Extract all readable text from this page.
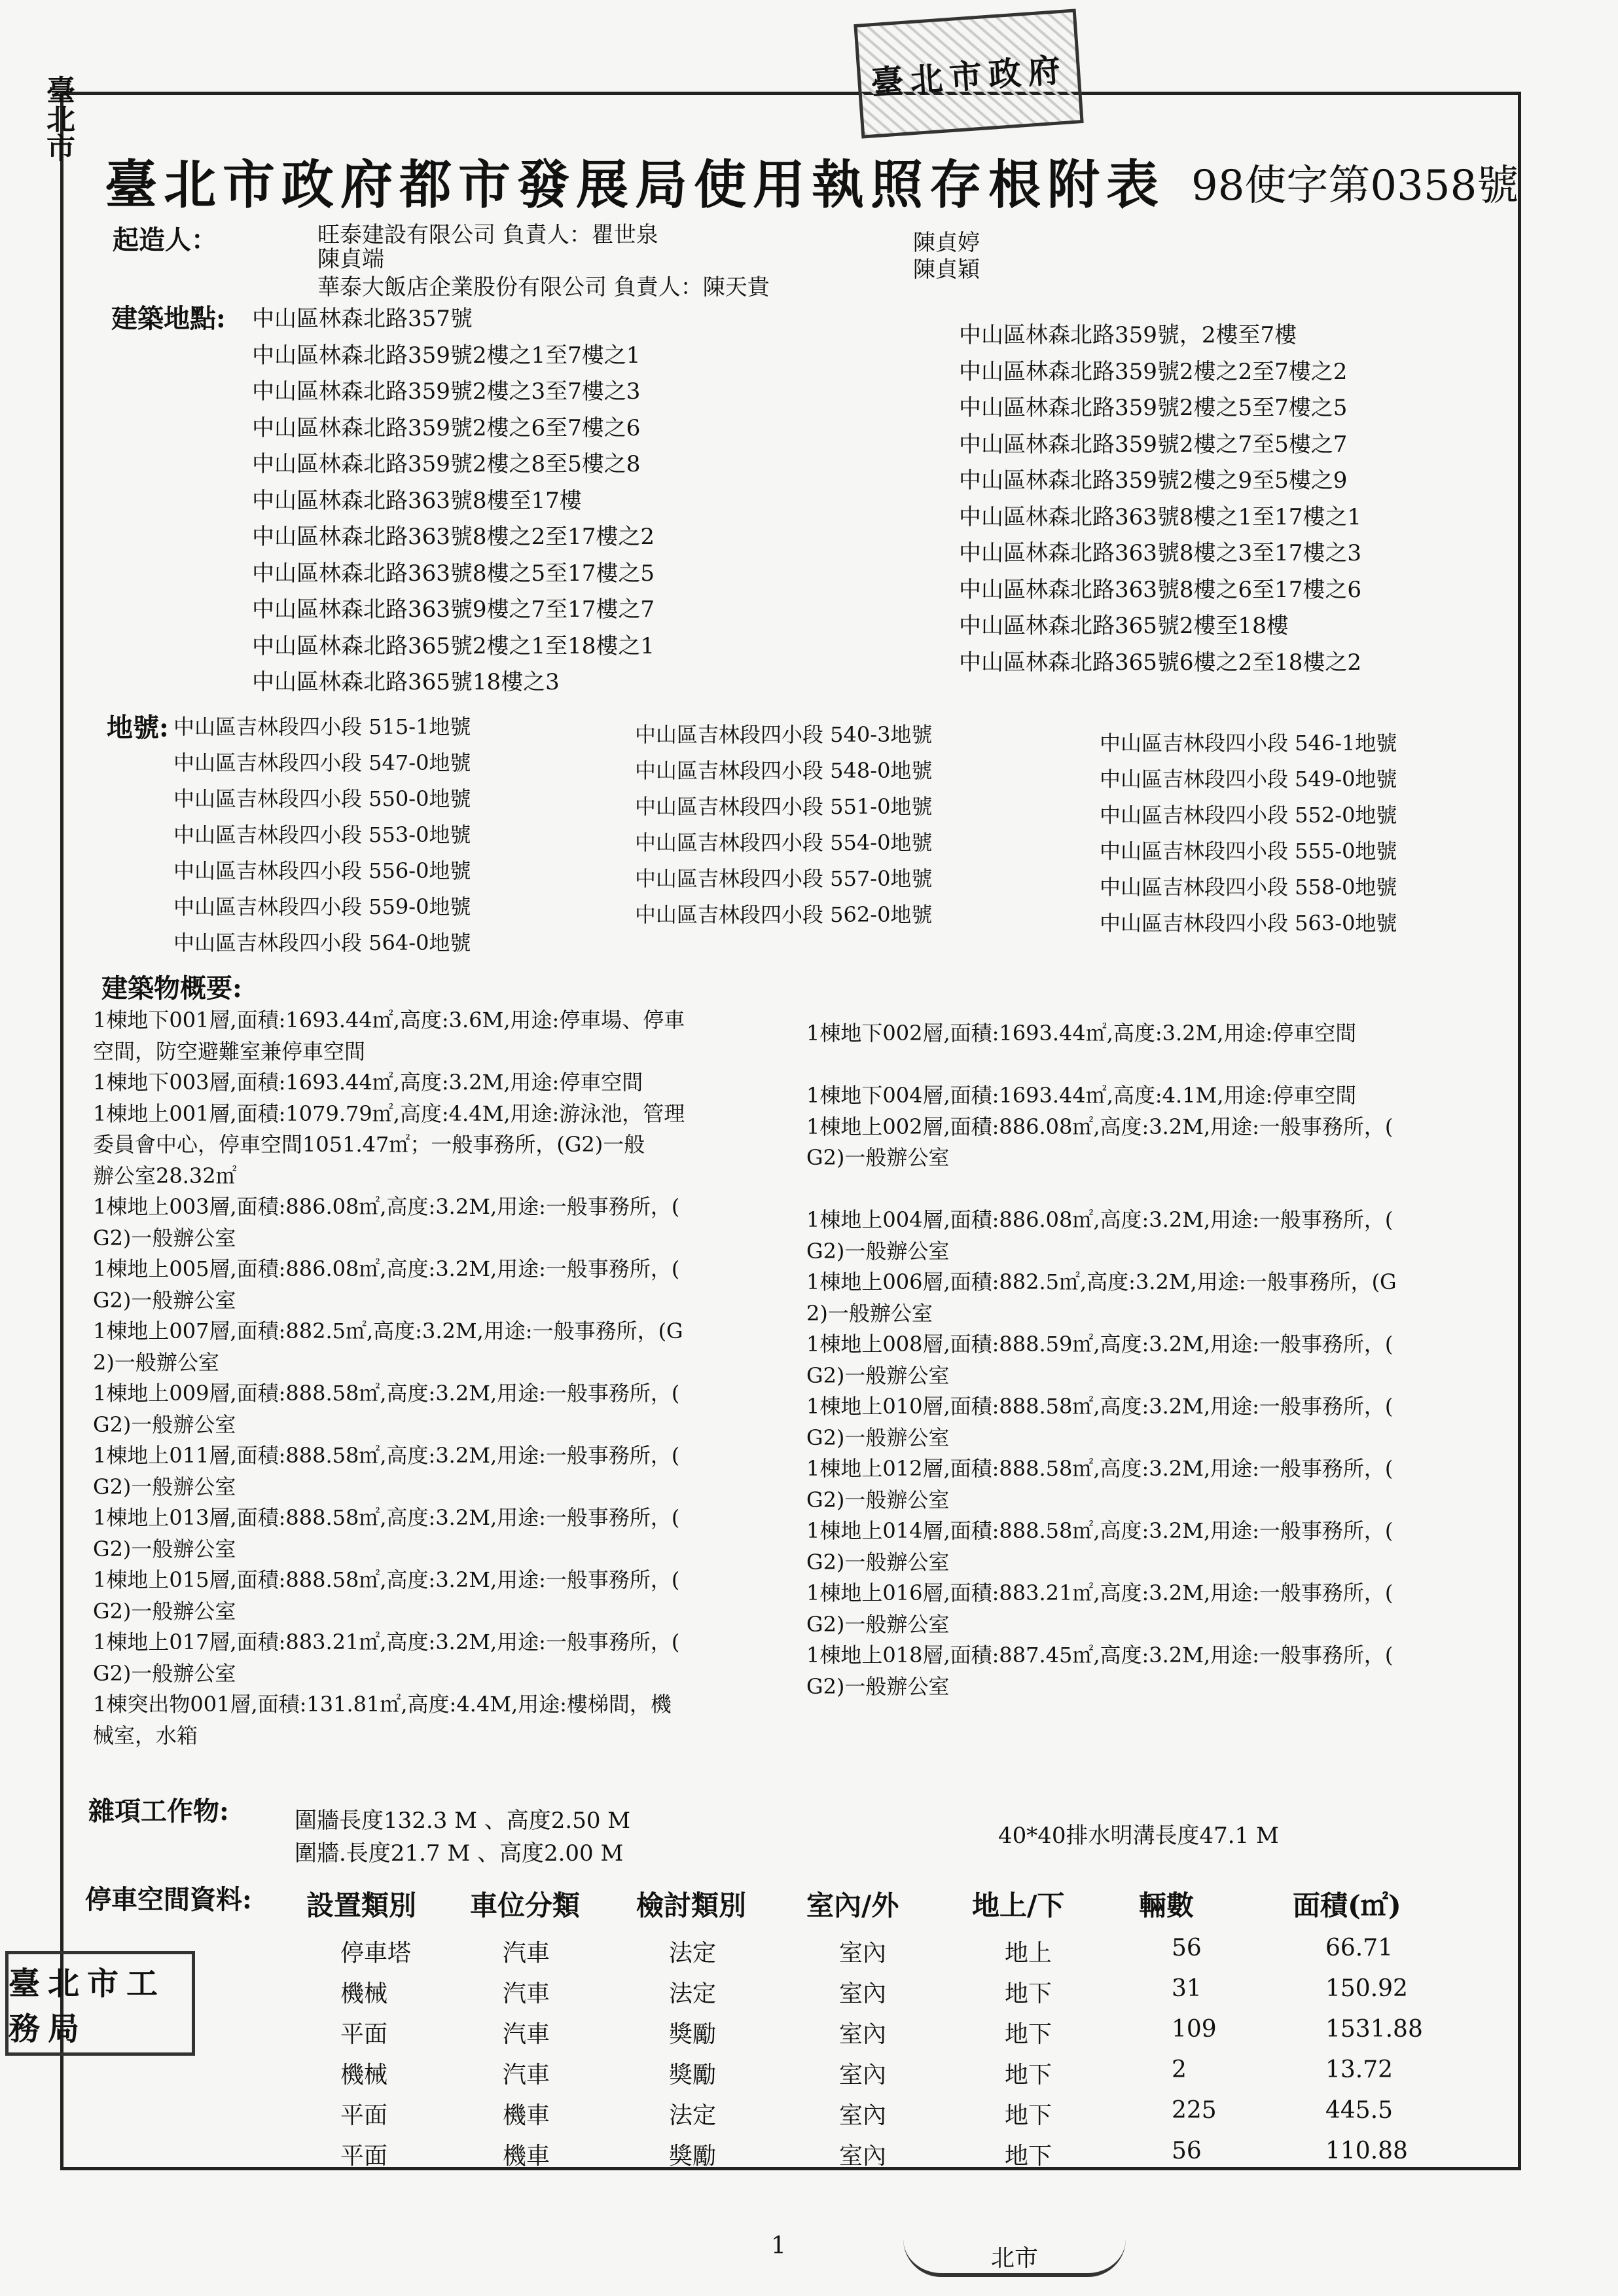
臺北市政府
臺北市
臺北市工務局
北市
臺北市政府都市發展局使用執照存根附表 98使字第0358號
起造人：	旺泰建設有限公司 負責人：瞿世泉
陳貞端
華泰大飯店企業股份有限公司 負責人：陳天貴
陳貞婷
陳貞穎
建築地點: 中山區林森北路357號
中山區林森北路359號2樓之1至7樓之1
中山區林森北路359號2樓之3至7樓之3
中山區林森北路359號2樓之6至7樓之6
中山區林森北路359號2樓之8至5樓之8
中山區林森北路363號8樓至17樓
中山區林森北路363號8樓之2至17樓之2
中山區林森北路363號8樓之5至17樓之5
中山區林森北路363號9樓之7至17樓之7
中山區林森北路365號2樓之1至18樓之1
中山區林森北路365號18樓之3
中山區林森北路359號，2樓至7樓
中山區林森北路359號2樓之2至7樓之2
中山區林森北路359號2樓之5至7樓之5
中山區林森北路359號2樓之7至5樓之7
中山區林森北路359號2樓之9至5樓之9
中山區林森北路363號8樓之1至17樓之1
中山區林森北路363號8樓之3至17樓之3
中山區林森北路363號8樓之6至17樓之6
中山區林森北路365號2樓至18樓
中山區林森北路365號6樓之2至18樓之2
地號: 中山區吉林段四小段 515-1地號
中山區吉林段四小段 547-0地號
中山區吉林段四小段 550-0地號
中山區吉林段四小段 553-0地號
中山區吉林段四小段 556-0地號
中山區吉林段四小段 559-0地號
中山區吉林段四小段 564-0地號
中山區吉林段四小段 540-3地號
中山區吉林段四小段 548-0地號
中山區吉林段四小段 551-0地號
中山區吉林段四小段 554-0地號
中山區吉林段四小段 557-0地號
中山區吉林段四小段 562-0地號
中山區吉林段四小段 546-1地號
中山區吉林段四小段 549-0地號
中山區吉林段四小段 552-0地號
中山區吉林段四小段 555-0地號
中山區吉林段四小段 558-0地號
中山區吉林段四小段 563-0地號
建築物概要:
1棟地下001層,面積:1693.44㎡,高度:3.6M,用途:停車場、停車
空間，防空避難室兼停車空間
1棟地下003層,面積:1693.44㎡,高度:3.2M,用途:停車空間
1棟地上001層,面積:1079.79㎡,高度:4.4M,用途:游泳池，管理
委員會中心，停車空間1051.47㎡；一般事務所，(G2)一般
辦公室28.32㎡
1棟地上003層,面積:886.08㎡,高度:3.2M,用途:一般事務所，(
G2)一般辦公室
1棟地上005層,面積:886.08㎡,高度:3.2M,用途:一般事務所，(
G2)一般辦公室
1棟地上007層,面積:882.5㎡,高度:3.2M,用途:一般事務所，(G
2)一般辦公室
1棟地上009層,面積:888.58㎡,高度:3.2M,用途:一般事務所，(
G2)一般辦公室
1棟地上011層,面積:888.58㎡,高度:3.2M,用途:一般事務所，(
G2)一般辦公室
1棟地上013層,面積:888.58㎡,高度:3.2M,用途:一般事務所，(
G2)一般辦公室
1棟地上015層,面積:888.58㎡,高度:3.2M,用途:一般事務所，(
G2)一般辦公室
1棟地上017層,面積:883.21㎡,高度:3.2M,用途:一般事務所，(
G2)一般辦公室
1棟突出物001層,面積:131.81㎡,高度:4.4M,用途:樓梯間，機
械室，水箱
1棟地下002層,面積:1693.44㎡,高度:3.2M,用途:停車空間

1棟地下004層,面積:1693.44㎡,高度:4.1M,用途:停車空間
1棟地上002層,面積:886.08㎡,高度:3.2M,用途:一般事務所，(
G2)一般辦公室

1棟地上004層,面積:886.08㎡,高度:3.2M,用途:一般事務所，(
G2)一般辦公室
1棟地上006層,面積:882.5㎡,高度:3.2M,用途:一般事務所，(G
2)一般辦公室
1棟地上008層,面積:888.59㎡,高度:3.2M,用途:一般事務所，(
G2)一般辦公室
1棟地上010層,面積:888.58㎡,高度:3.2M,用途:一般事務所，(
G2)一般辦公室
1棟地上012層,面積:888.58㎡,高度:3.2M,用途:一般事務所，(
G2)一般辦公室
1棟地上014層,面積:888.58㎡,高度:3.2M,用途:一般事務所，(
G2)一般辦公室
1棟地上016層,面積:883.21㎡,高度:3.2M,用途:一般事務所，(
G2)一般辦公室
1棟地上018層,面積:887.45㎡,高度:3.2M,用途:一般事務所，(
G2)一般辦公室
雜項工作物:	圍牆長度132.3 M 、高度2.50 M
圍牆.長度21.7 M 、高度2.00 M
40*40排水明溝長度47.1 M
停車空間資料: 設置類別 車位分類 檢討類別 室內/外	地上/下	輛數	面積(㎡)
停車塔	汽車	法定	室內	地上	56	66.71
機械	汽車	法定	室內	地下	31	150.92
平面	汽車	獎勵	室內	地下	109	1531.88
機械	汽車	獎勵	室內	地下	2	13.72
平面	機車	法定	室內	地下	225	445.5
平面	機車	獎勵	室內	地下	56	110.88
1
